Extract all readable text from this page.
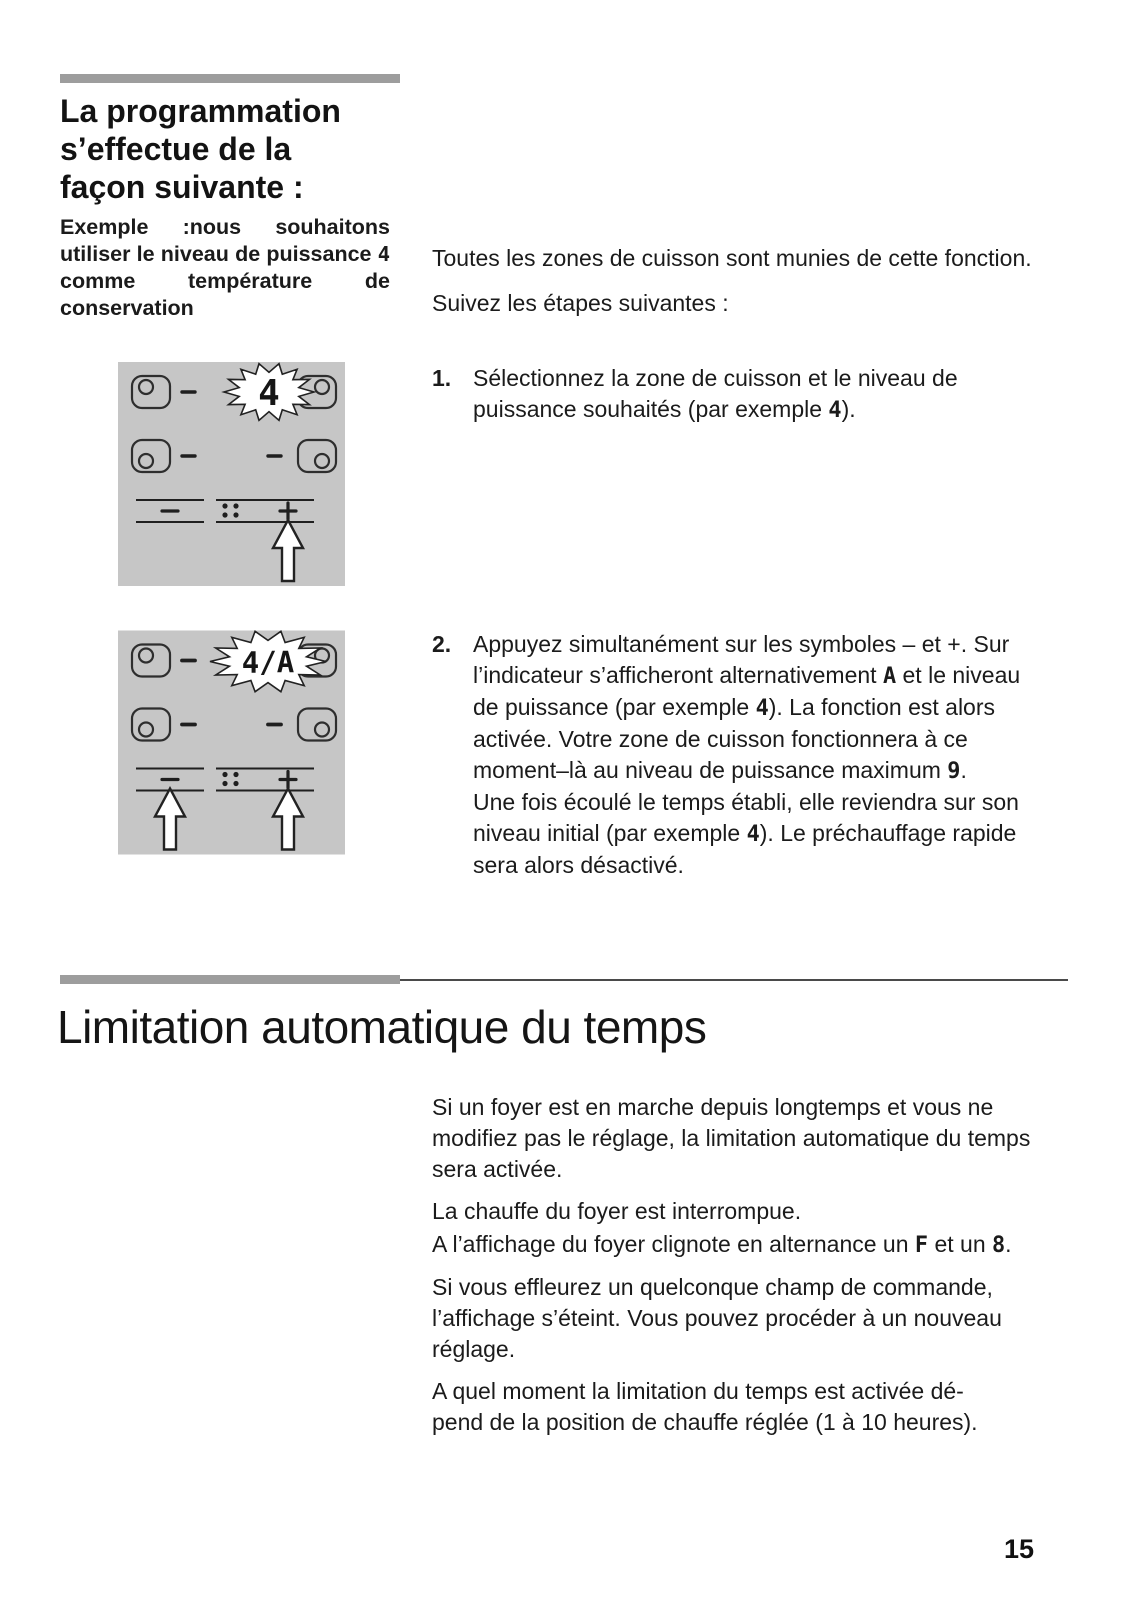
La programmation
s’effectue de la
façon suivante :
Exemple :nous souhaitons utiliser le niveau de puissance 4 comme température de conservation
4
4/A

Toutes les zones de cuisson sont munies de cette fonction.

Suivez les étapes suivantes :

1. Sélectionnez la zone de cuisson et le niveau de puissance souhaités (par exemple 4).
2. Appuyez simultanément sur les symboles – et +. Sur l’indicateur s’afficheront alternativement A et le niveau de puissance (par exemple 4). La fonction est alors activée. Votre zone de cuisson fonctionnera à ce moment–là au niveau de puissance maximum 9.
Une fois écoulé le temps établi, elle reviendra sur son niveau initial (par exemple 4). Le préchauffage rapide sera alors désactivé.
Limitation automatique du temps

Si un foyer est en marche depuis longtemps et vous ne modifiez pas le réglage, la limitation automatique du temps sera activée.

La chauffe du foyer est interrompue.

A l’affichage du foyer clignote en alternance un F et un 8.

Si vous effleurez un quelconque champ de commande, l’affichage s’éteint. Vous pouvez procéder à un nouveau réglage.

A quel moment la limitation du temps est activée dé-
pend de la position de chauffe réglée (1 à 10 heures).

15
